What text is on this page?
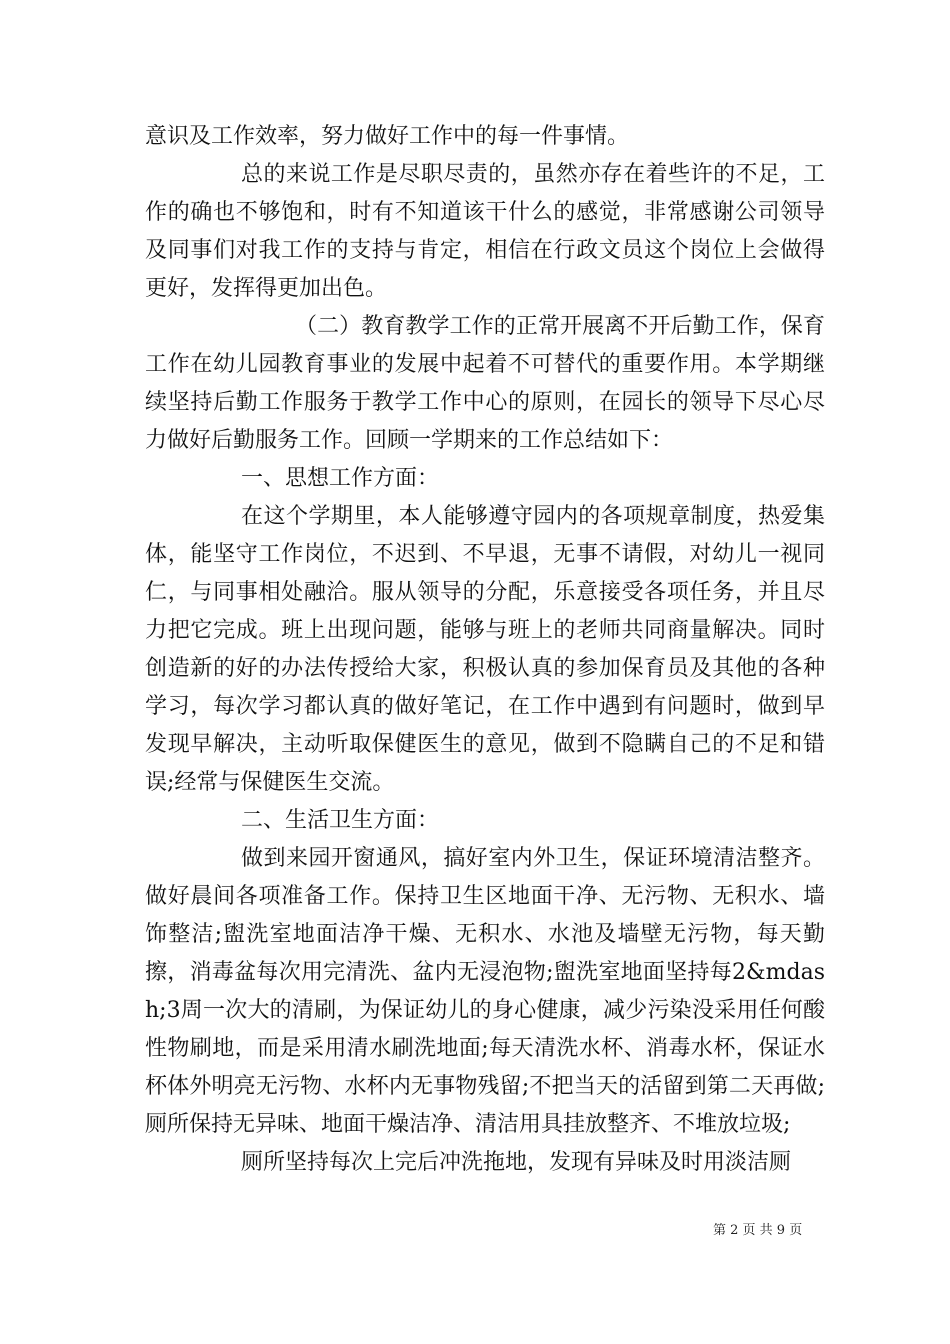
意识及工作效率，努力做好工作中的每一件事情。

总的来说工作是尽职尽责的，虽然亦存在着些许的不足，工作的确也不够饱和，时有不知道该干什么的感觉，非常感谢公司领导及同事们对我工作的支持与肯定，相信在行政文员这个岗位上会做得更好，发挥得更加出色。

（二）教育教学工作的正常开展离不开后勤工作，保育工作在幼儿园教育事业的发展中起着不可替代的重要作用。本学期继续坚持后勤工作服务于教学工作中心的原则，在园长的领导下尽心尽力做好后勤服务工作。回顾一学期来的工作总结如下：

一、思想工作方面：

在这个学期里，本人能够遵守园内的各项规章制度，热爱集体，能坚守工作岗位，不迟到、不早退，无事不请假，对幼儿一视同仁，与同事相处融洽。服从领导的分配，乐意接受各项任务，并且尽力把它完成。班上出现问题，能够与班上的老师共同商量解决。同时创造新的好的办法传授给大家，积极认真的参加保育员及其他的各种学习，每次学习都认真的做好笔记，在工作中遇到有问题时，做到早发现早解决，主动听取保健医生的意见，做到不隐瞒自己的不足和错误;经常与保健医生交流。

二、生活卫生方面：

做到来园开窗通风，搞好室内外卫生，保证环境清洁整齐。做好晨间各项准备工作。保持卫生区地面干净、无污物、无积水、墙饰整洁;盥洗室地面洁净干燥、无积水、水池及墙壁无污物，每天勤擦，消毒盆每次用完清洗、盆内无浸泡物;盥洗室地面坚持每2&mdash;3周一次大的清刷，为保证幼儿的身心健康，减少污染没采用任何酸性物刷地，而是采用清水刷洗地面;每天清洗水杯、消毒水杯，保证水杯体外明亮无污物、水杯内无事物残留;不把当天的活留到第二天再做;厕所保持无异味、地面干燥洁净、清洁用具挂放整齐、不堆放垃圾;

厕所坚持每次上完后冲洗拖地，发现有异味及时用淡洁厕

第 2 页 共 9 页
